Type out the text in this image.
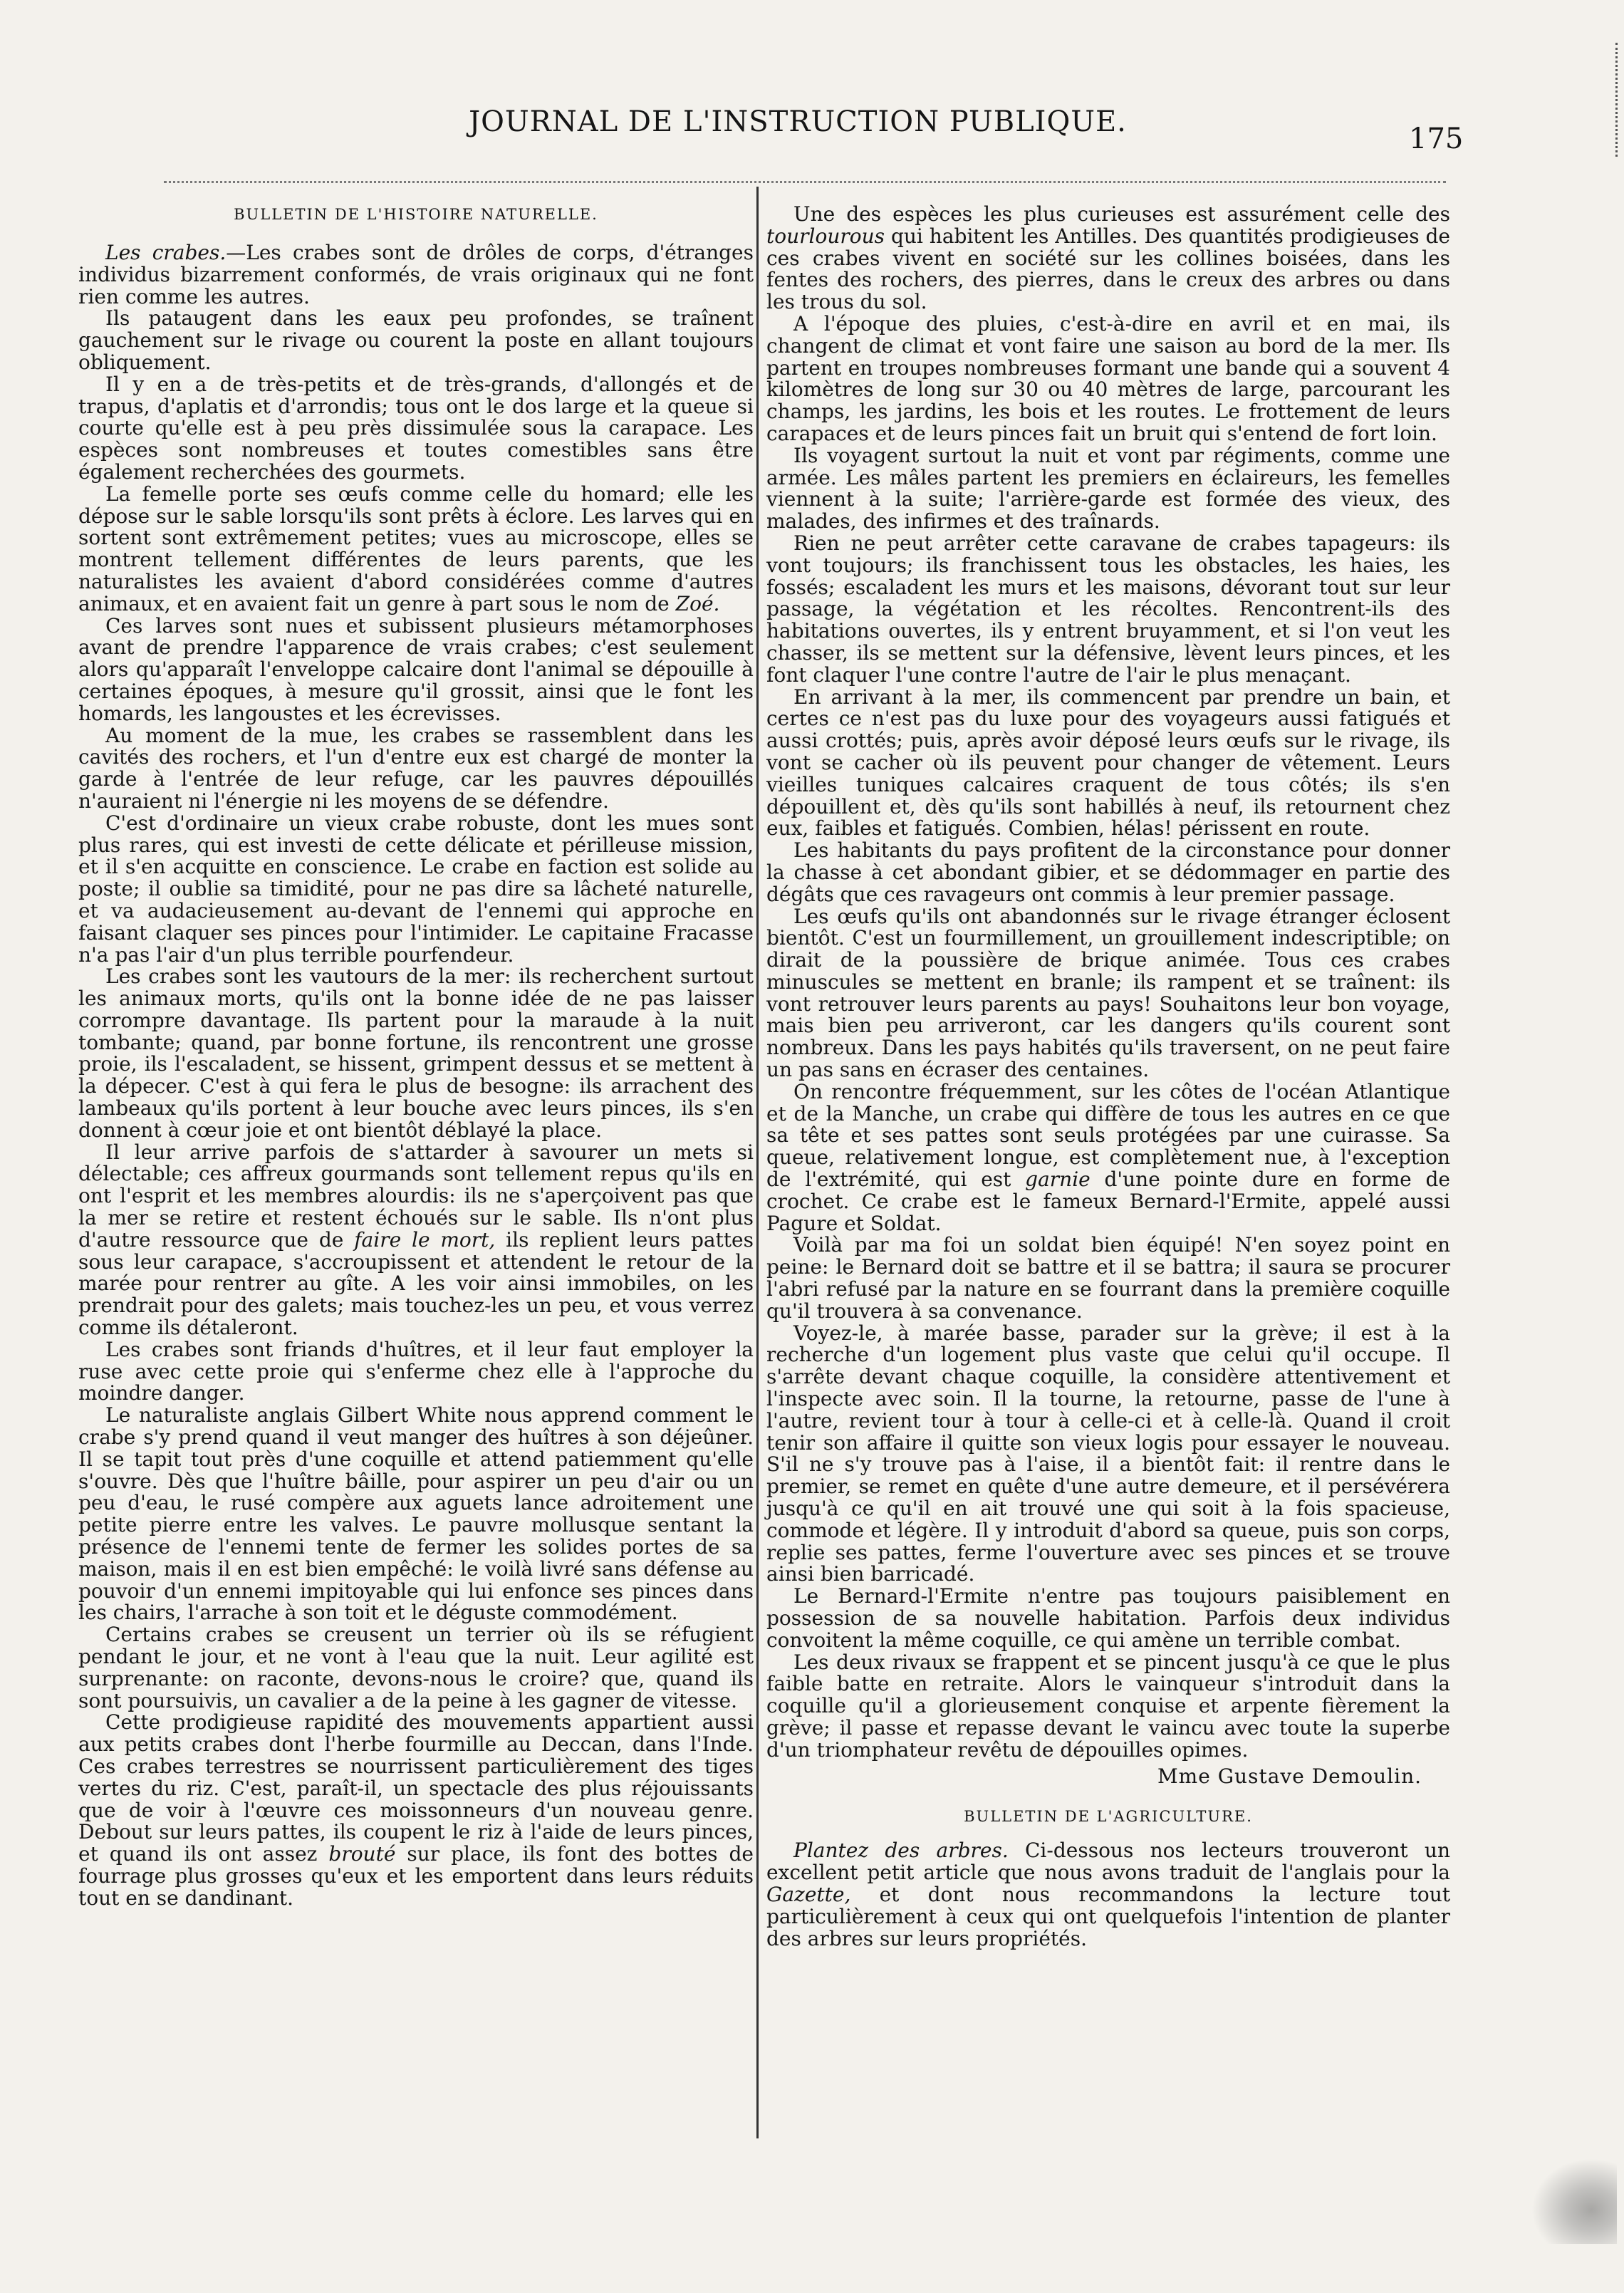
JOURNAL DE L'INSTRUCTION PUBLIQUE.
175
BULLETIN DE L'HISTOIRE NATURELLE.

Les crabes.—Les crabes sont de drôles de corps, d'étranges individus bizarrement conformés, de vrais originaux qui ne font rien comme les autres.

Ils pataugent dans les eaux peu profondes, se traînent gauchement sur le rivage ou courent la poste en allant toujours obliquement.

Il y en a de très-petits et de très-grands, d'allongés et de trapus, d'aplatis et d'arrondis; tous ont le dos large et la queue si courte qu'elle est à peu près dissimulée sous la carapace. Les espèces sont nombreuses et toutes comestibles sans être également recherchées des gourmets.

La femelle porte ses œufs comme celle du homard; elle les dépose sur le sable lorsqu'ils sont prêts à éclore. Les larves qui en sortent sont extrêmement petites; vues au microscope, elles se montrent tellement différentes de leurs parents, que les naturalistes les avaient d'abord considérées comme d'autres animaux, et en avaient fait un genre à part sous le nom de Zoé.

Ces larves sont nues et subissent plusieurs métamorphoses avant de prendre l'apparence de vrais crabes; c'est seulement alors qu'apparaît l'enveloppe calcaire dont l'animal se dépouille à certaines époques, à mesure qu'il grossit, ainsi que le font les homards, les langoustes et les écrevisses.

Au moment de la mue, les crabes se rassemblent dans les cavités des rochers, et l'un d'entre eux est chargé de monter la garde à l'entrée de leur refuge, car les pauvres dépouillés n'auraient ni l'énergie ni les moyens de se défendre.

C'est d'ordinaire un vieux crabe robuste, dont les mues sont plus rares, qui est investi de cette délicate et périlleuse mission, et il s'en acquitte en conscience. Le crabe en faction est solide au poste; il oublie sa timidité, pour ne pas dire sa lâcheté naturelle, et va audacieusement au-devant de l'ennemi qui approche en faisant claquer ses pinces pour l'intimider. Le capitaine Fracasse n'a pas l'air d'un plus terrible pourfendeur.

Les crabes sont les vautours de la mer: ils recherchent surtout les animaux morts, qu'ils ont la bonne idée de ne pas laisser corrompre davantage. Ils partent pour la maraude à la nuit tombante; quand, par bonne fortune, ils rencontrent une grosse proie, ils l'escaladent, se hissent, grimpent dessus et se mettent à la dépecer. C'est à qui fera le plus de besogne: ils arrachent des lambeaux qu'ils portent à leur bouche avec leurs pinces, ils s'en donnent à cœur joie et ont bientôt déblayé la place.

Il leur arrive parfois de s'attarder à savourer un mets si délectable; ces affreux gourmands sont tellement repus qu'ils en ont l'esprit et les membres alourdis: ils ne s'aperçoivent pas que la mer se retire et restent échoués sur le sable. Ils n'ont plus d'autre ressource que de faire le mort, ils replient leurs pattes sous leur carapace, s'accroupissent et attendent le retour de la marée pour rentrer au gîte. A les voir ainsi immobiles, on les prendrait pour des galets; mais touchez-les un peu, et vous verrez comme ils détaleront.

Les crabes sont friands d'huîtres, et il leur faut employer la ruse avec cette proie qui s'enferme chez elle à l'approche du moindre danger.

Le naturaliste anglais Gilbert White nous apprend comment le crabe s'y prend quand il veut manger des huîtres à son déjeûner. Il se tapit tout près d'une coquille et attend patiemment qu'elle s'ouvre. Dès que l'huître bâille, pour aspirer un peu d'air ou un peu d'eau, le rusé compère aux aguets lance adroitement une petite pierre entre les valves. Le pauvre mollusque sentant la présence de l'ennemi tente de fermer les solides portes de sa maison, mais il en est bien empêché: le voilà livré sans défense au pouvoir d'un ennemi impitoyable qui lui enfonce ses pinces dans les chairs, l'arrache à son toit et le déguste commodément.

Certains crabes se creusent un terrier où ils se réfugient pendant le jour, et ne vont à l'eau que la nuit. Leur agilité est surprenante: on raconte, devons-nous le croire? que, quand ils sont poursuivis, un cavalier a de la peine à les gagner de vitesse.

Cette prodigieuse rapidité des mouvements appartient aussi aux petits crabes dont l'herbe fourmille au Deccan, dans l'Inde. Ces crabes terrestres se nourrissent particulièrement des tiges vertes du riz. C'est, paraît-il, un spectacle des plus réjouissants que de voir à l'œuvre ces moissonneurs d'un nouveau genre. Debout sur leurs pattes, ils coupent le riz à l'aide de leurs pinces, et quand ils ont assez brouté sur place, ils font des bottes de fourrage plus grosses qu'eux et les emportent dans leurs réduits tout en se dandinant.

Une des espèces les plus curieuses est assurément celle des tourlourous qui habitent les Antilles. Des quantités prodigieuses de ces crabes vivent en société sur les collines boisées, dans les fentes des rochers, des pierres, dans le creux des arbres ou dans les trous du sol.

A l'époque des pluies, c'est-à-dire en avril et en mai, ils changent de climat et vont faire une saison au bord de la mer. Ils partent en troupes nombreuses formant une bande qui a souvent 4 kilomètres de long sur 30 ou 40 mètres de large, parcourant les champs, les jardins, les bois et les routes. Le frottement de leurs carapaces et de leurs pinces fait un bruit qui s'entend de fort loin.

Ils voyagent surtout la nuit et vont par régiments, comme une armée. Les mâles partent les premiers en éclaireurs, les femelles viennent à la suite; l'arrière-garde est formée des vieux, des malades, des infirmes et des traînards.

Rien ne peut arrêter cette caravane de crabes tapageurs: ils vont toujours; ils franchissent tous les obstacles, les haies, les fossés; escaladent les murs et les maisons, dévorant tout sur leur passage, la végétation et les récoltes. Rencontrent-ils des habitations ouvertes, ils y entrent bruyamment, et si l'on veut les chasser, ils se mettent sur la défensive, lèvent leurs pinces, et les font claquer l'une contre l'autre de l'air le plus menaçant.

En arrivant à la mer, ils commencent par prendre un bain, et certes ce n'est pas du luxe pour des voyageurs aussi fatigués et aussi crottés; puis, après avoir déposé leurs œufs sur le rivage, ils vont se cacher où ils peuvent pour changer de vêtement. Leurs vieilles tuniques calcaires craquent de tous côtés; ils s'en dépouillent et, dès qu'ils sont habillés à neuf, ils retournent chez eux, faibles et fatigués. Combien, hélas! périssent en route.

Les habitants du pays profitent de la circonstance pour donner la chasse à cet abondant gibier, et se dédommager en partie des dégâts que ces ravageurs ont commis à leur premier passage.

Les œufs qu'ils ont abandonnés sur le rivage étranger éclosent bientôt. C'est un fourmillement, un grouillement indescriptible; on dirait de la poussière de brique animée. Tous ces crabes minuscules se mettent en branle; ils rampent et se traînent: ils vont retrouver leurs parents au pays! Souhaitons leur bon voyage, mais bien peu arriveront, car les dangers qu'ils courent sont nombreux. Dans les pays habités qu'ils traversent, on ne peut faire un pas sans en écraser des centaines.

On rencontre fréquemment, sur les côtes de l'océan Atlantique et de la Manche, un crabe qui diffère de tous les autres en ce que sa tête et ses pattes sont seuls protégées par une cuirasse. Sa queue, relativement longue, est complètement nue, à l'exception de l'extrémité, qui est garnie d'une pointe dure en forme de crochet. Ce crabe est le fameux Bernard-l'Ermite, appelé aussi Pagure et Soldat.

Voilà par ma foi un soldat bien équipé! N'en soyez point en peine: le Bernard doit se battre et il se battra; il saura se procurer l'abri refusé par la nature en se fourrant dans la première coquille qu'il trouvera à sa convenance.

Voyez-le, à marée basse, parader sur la grève; il est à la recherche d'un logement plus vaste que celui qu'il occupe. Il s'arrête devant chaque coquille, la considère attentivement et l'inspecte avec soin. Il la tourne, la retourne, passe de l'une à l'autre, revient tour à tour à celle-ci et à celle-là. Quand il croit tenir son affaire il quitte son vieux logis pour essayer le nouveau. S'il ne s'y trouve pas à l'aise, il a bientôt fait: il rentre dans le premier, se remet en quête d'une autre demeure, et il persévérera jusqu'à ce qu'il en ait trouvé une qui soit à la fois spacieuse, commode et légère. Il y introduit d'abord sa queue, puis son corps, replie ses pattes, ferme l'ouverture avec ses pinces et se trouve ainsi bien barricadé.

Le Bernard-l'Ermite n'entre pas toujours paisiblement en possession de sa nouvelle habitation. Parfois deux individus convoitent la même coquille, ce qui amène un terrible combat.

Les deux rivaux se frappent et se pincent jusqu'à ce que le plus faible batte en retraite. Alors le vainqueur s'introduit dans la coquille qu'il a glorieusement conquise et arpente fièrement la grève; il passe et repasse devant le vaincu avec toute la superbe d'un triomphateur revêtu de dépouilles opimes.

Mme Gustave Demoulin.
BULLETIN DE L'AGRICULTURE.

Plantez des arbres. Ci-dessous nos lecteurs trouveront un excellent petit article que nous avons traduit de l'anglais pour la Gazette, et dont nous recommandons la lecture tout particulièrement à ceux qui ont quelquefois l'intention de planter des arbres sur leurs propriétés.
